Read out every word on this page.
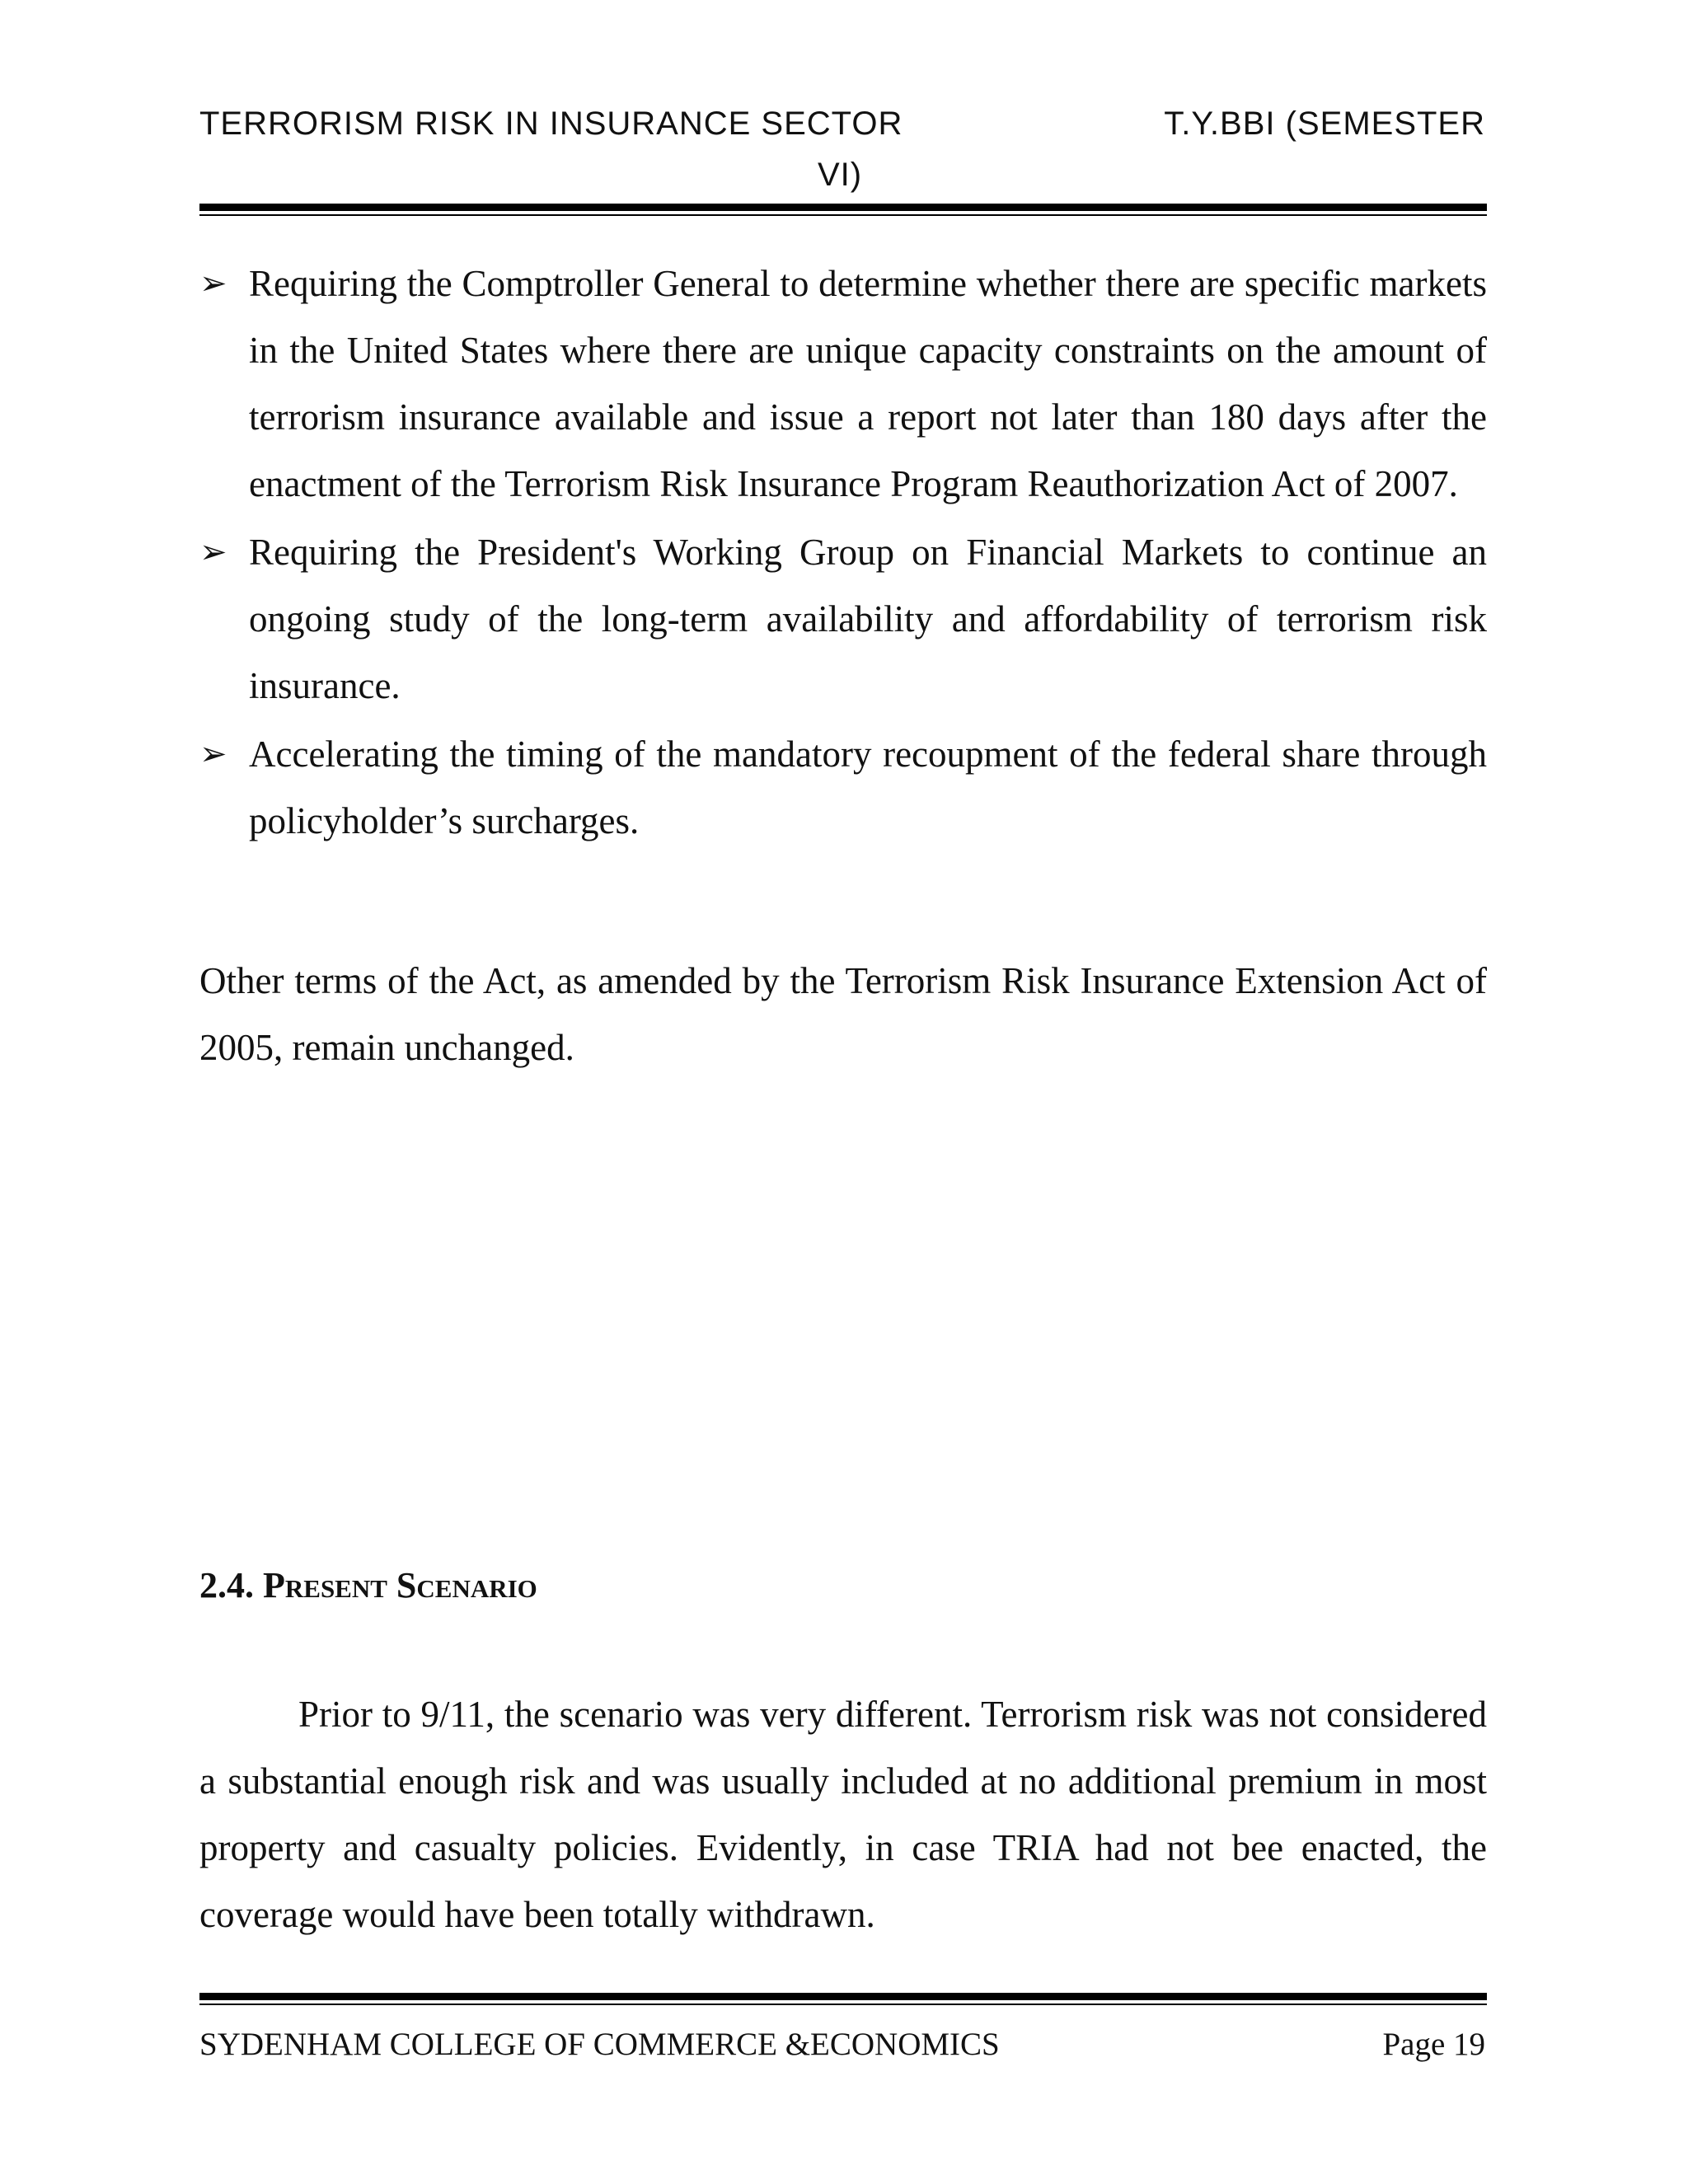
TERRORISM RISK IN INSURANCE SECTOR	T.Y.BBI (SEMESTER
VI)
➢ Requiring the Comptroller General to determine whether there are specific markets in the United States where there are unique capacity constraints on the amount of terrorism insurance available and issue a report not later than 180 days after the enactment of the Terrorism Risk Insurance Program Reauthorization Act of 2007.
➢ Requiring the President's Working Group on Financial Markets to continue an ongoing study of the long-term availability and affordability of terrorism risk insurance.
➢ Accelerating the timing of the mandatory recoupment of the federal share through policyholder’s surcharges.

Other terms of the Act, as amended by the Terrorism Risk Insurance Extension Act of 2005, remain unchanged.

2.4. Present Scenario

Prior to 9/11, the scenario was very different. Terrorism risk was not considered a substantial enough risk and was usually included at no additional premium in most property and casualty policies. Evidently, in case TRIA had not bee enacted, the coverage would have been totally withdrawn.

SYDENHAM COLLEGE OF COMMERCE &ECONOMICS	Page 19
